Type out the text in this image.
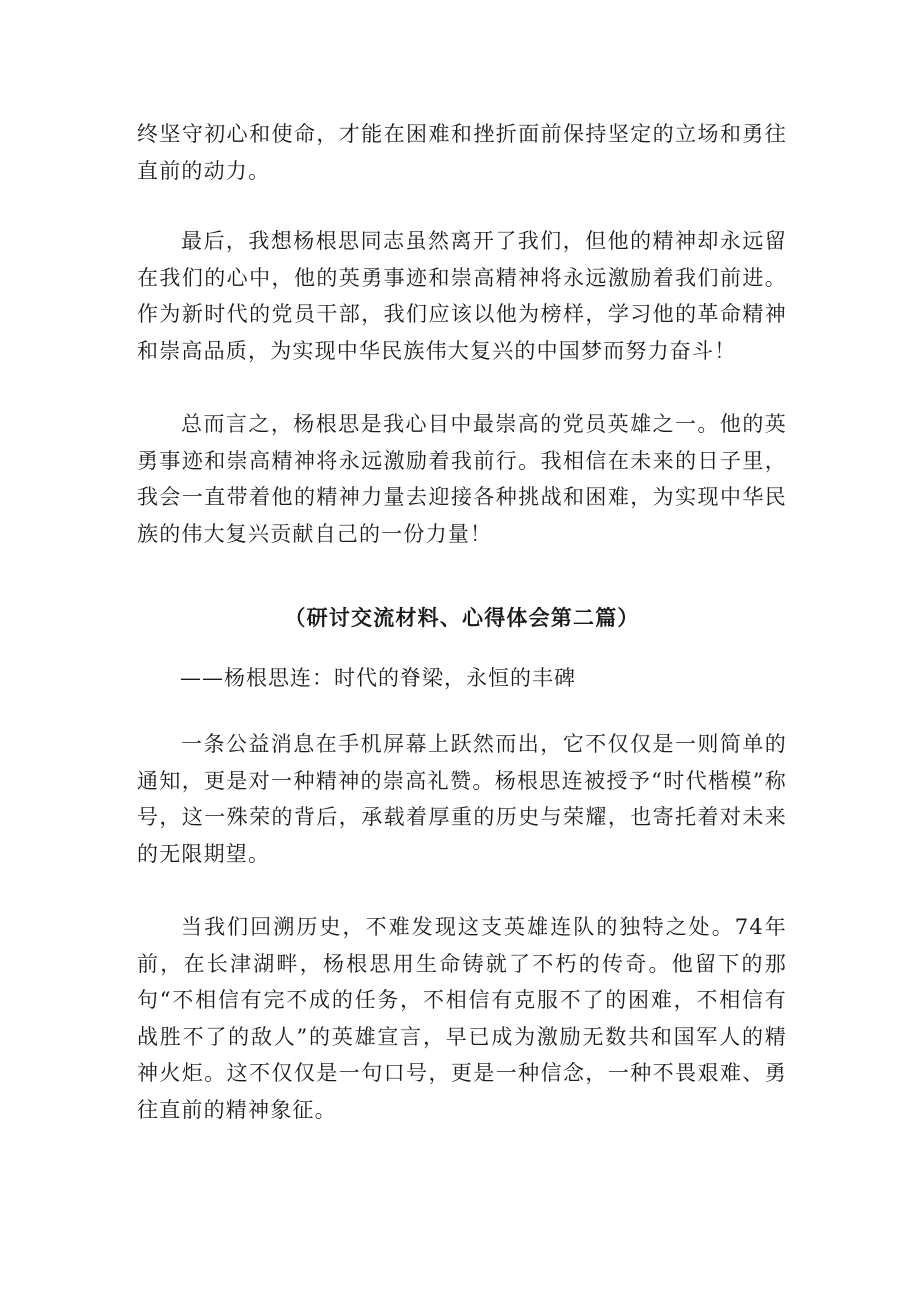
终坚守初心和使命，才能在困难和挫折面前保持坚定的立场和勇往直前的动力。

最后，我想杨根思同志虽然离开了我们，但他的精神却永远留在我们的心中，他的英勇事迹和崇高精神将永远激励着我们前进。作为新时代的党员干部，我们应该以他为榜样，学习他的革命精神和崇高品质，为实现中华民族伟大复兴的中国梦而努力奋斗！

总而言之，杨根思是我心目中最崇高的党员英雄之一。他的英勇事迹和崇高精神将永远激励着我前行。我相信在未来的日子里，我会一直带着他的精神力量去迎接各种挑战和困难，为实现中华民族的伟大复兴贡献自己的一份力量！

（研讨交流材料、心得体会第二篇）

——杨根思连：时代的脊梁，永恒的丰碑

一条公益消息在手机屏幕上跃然而出，它不仅仅是一则简单的通知，更是对一种精神的崇高礼赞。杨根思连被授予“时代楷模”称号，这一殊荣的背后，承载着厚重的历史与荣耀，也寄托着对未来的无限期望。

当我们回溯历史，不难发现这支英雄连队的独特之处。74年前，在长津湖畔，杨根思用生命铸就了不朽的传奇。他留下的那句“不相信有完不成的任务，不相信有克服不了的困难，不相信有战胜不了的敌人”的英雄宣言，早已成为激励无数共和国军人的精神火炬。这不仅仅是一句口号，更是一种信念，一种不畏艰难、勇往直前的精神象征。
